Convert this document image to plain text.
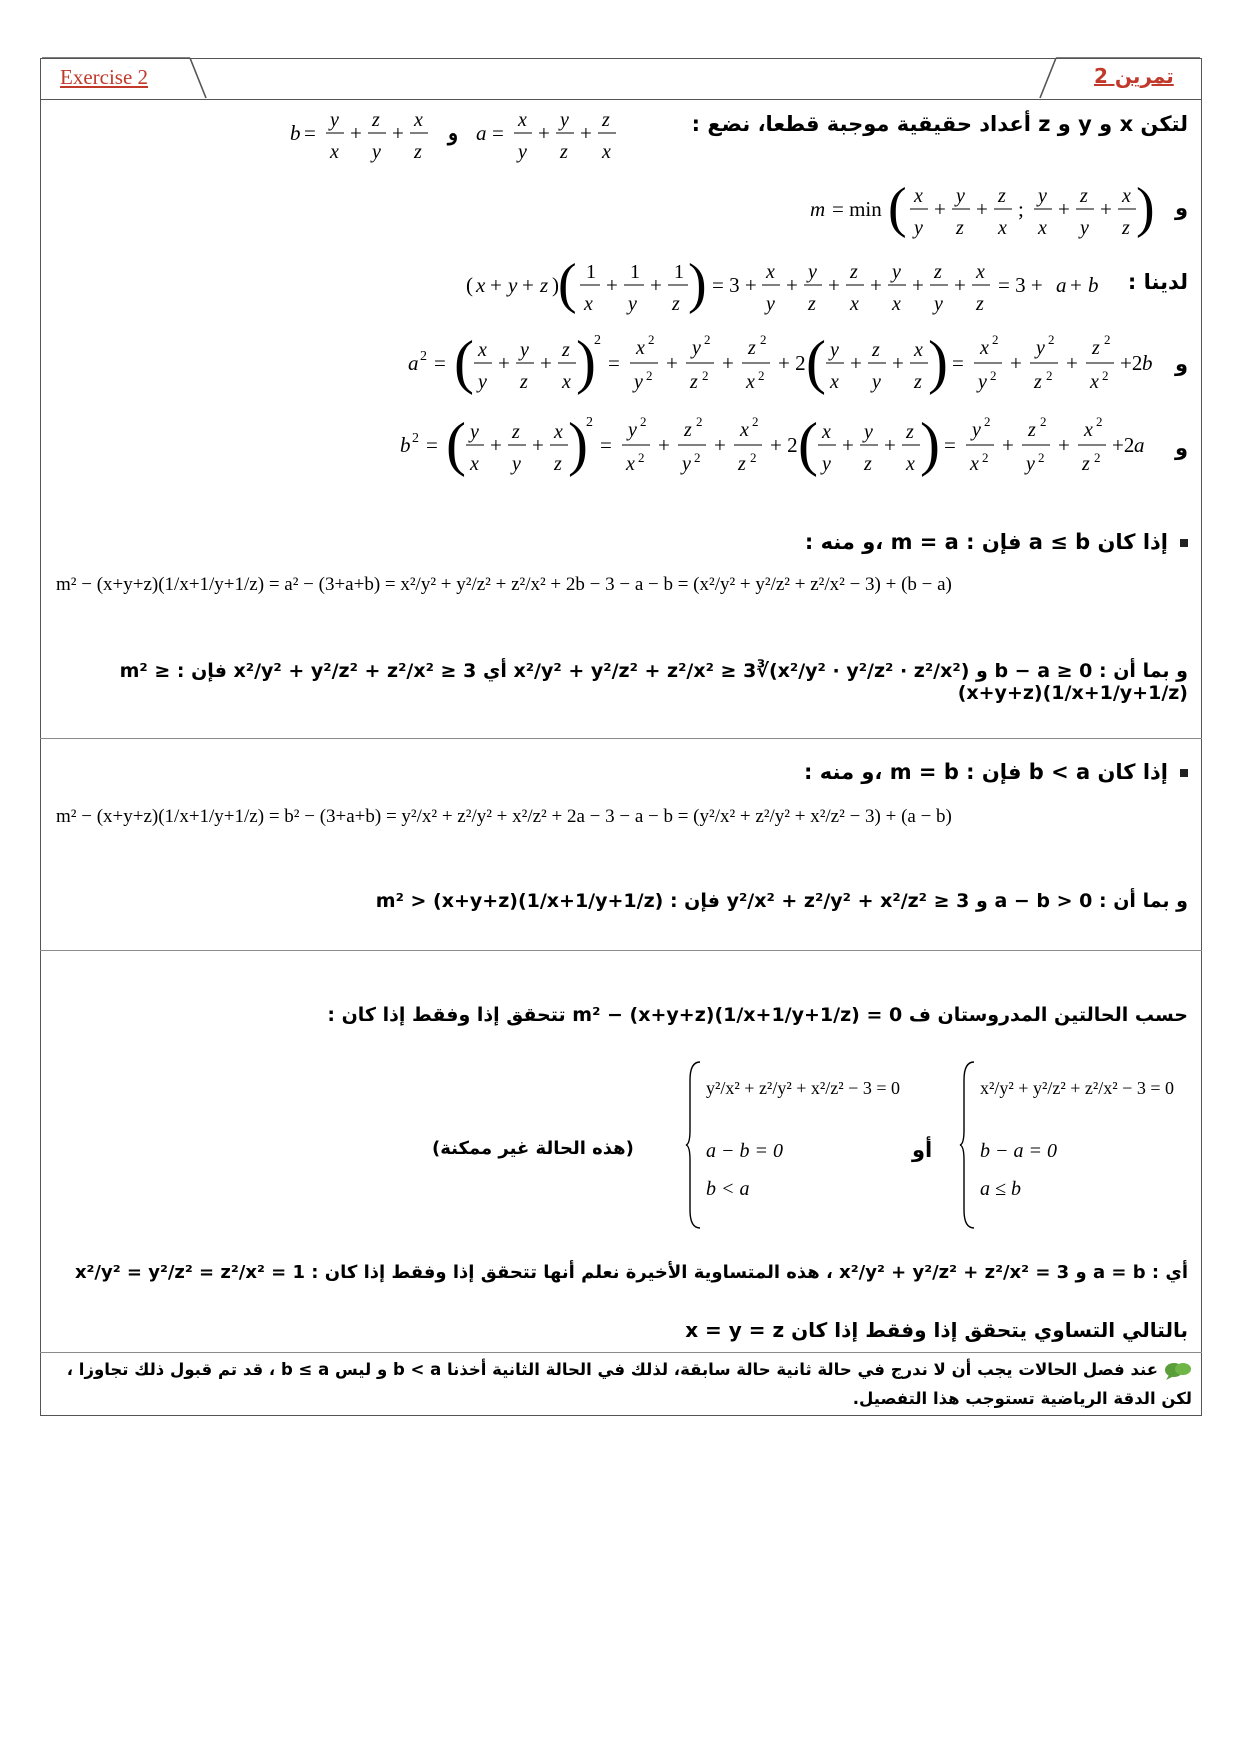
Exercise 2	تمرين 2
لتكن x و y و z أعداد حقيقية موجبة قطعا، نضع :
b =
y
x
+
z
y
+
x
z
و a =
x
y
+
y
z
+
z
x
و
m = min ( x
y
+
y
z
+
z
x
;
y
x
+
z
y
+
x
z )
لدينا :
( x + y + z ) ( 1
x
+
1
y
+
1
z ) = 3 +
x
y
+
y
z
+
z
x
+
y
x
+
z
y
+
x
z
= 3 + a + b
و
a 2 = ( x
y
+
y
z
+
z
x )
2
=
x 2
y 2
+
y 2
z 2
+
z 2
x 2
+ 2 ( y
x
+
z
y
+
x
z ) =
x 2
y 2
+
y 2
z 2
+
z 2
x 2
+2 b
و
b 2 = ( y
x
+
z
y
+
x
z )
2
=
y 2
x 2
+
z 2
y 2
+
x 2
z 2
+ 2 ( x
y
+
y
z
+
z
x ) =
y 2
x 2
+
z 2
y 2
+
x 2
z 2
+2 a
إذا كان a ≤ b فإن : m = a ،و منه :
m² − (x+y+z)(1/x+1/y+1/z) = a² − (3+a+b) = x²/y² + y²/z² + z²/x² + 2b − 3 − a − b = (x²/y² + y²/z² + z²/x² − 3) + (b − a)
و بما أن : b − a ≥ 0 و x²/y² + y²/z² + z²/x² ≥ 3∛(x²/y² · y²/z² · z²/x²) أي x²/y² + y²/z² + z²/x² ≥ 3 فإن : m² ≥ (x+y+z)(1/x+1/y+1/z)
إذا كان b < a فإن : m = b ،و منه :
m² − (x+y+z)(1/x+1/y+1/z) = b² − (3+a+b) = y²/x² + z²/y² + x²/z² + 2a − 3 − a − b = (y²/x² + z²/y² + x²/z² − 3) + (a − b)
و بما أن : a − b > 0 و y²/x² + z²/y² + x²/z² ≥ 3 فإن : m² > (x+y+z)(1/x+1/y+1/z)
حسب الحالتين المدروستان ف m² − (x+y+z)(1/x+1/y+1/z) = 0 تتحقق إذا وفقط إذا كان :
x²/y² + y²/z² + z²/x² − 3 = 0
b − a = 0
a ≤ b
أو
y²/x² + z²/y² + x²/z² − 3 = 0
a − b = 0
b < a
(هذه الحالة غير ممكنة)
أي : a = b و x²/y² + y²/z² + z²/x² = 3 ، هذه المتساوية الأخيرة نعلم أنها تتحقق إذا وفقط إذا كان : x²/y² = y²/z² = z²/x² = 1
بالتالي التساوي يتحقق إذا وفقط إذا كان x = y = z
عند فصل الحالات يجب أن لا ندرج في حالة ثانية حالة سابقة، لذلك في الحالة الثانية أخذنا b < a و ليس b ≤ a ، قد تم قبول ذلك تجاوزا ،
لكن الدقة الرياضية تستوجب هذا التفصيل.
